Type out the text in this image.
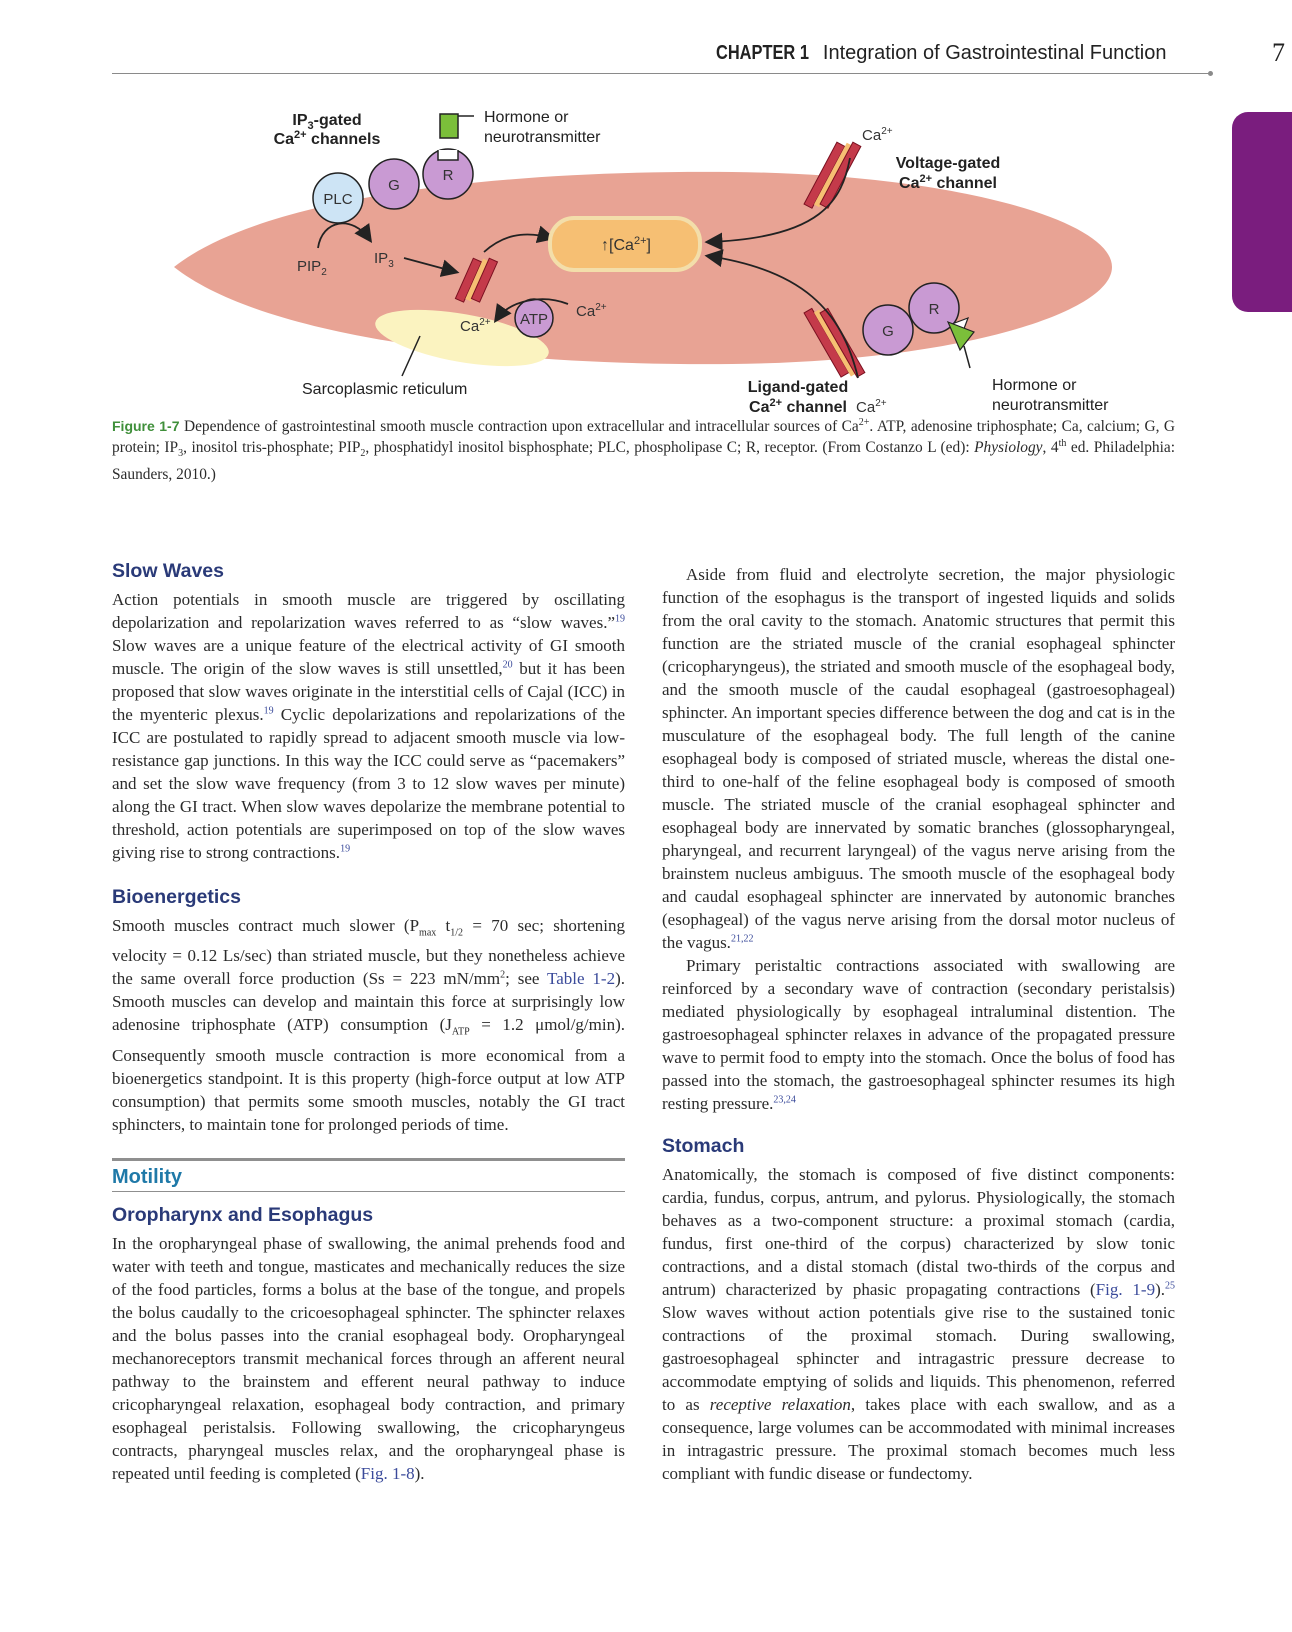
CHAPTER 1 Integration of Gastrointestinal Function	7
$IP_3$-gated
$Ca^{2+}$ channels
Hormone or
neurotransmitter
PLC
G
R
$PIP_2$
$IP_3$
$↑[Ca^{2+}]$
$Ca^{2+}$ ATP $Ca^{2+}$
Sarcoplasmic reticulum
$Ca^{2+}$
Voltage-gated
$Ca^{2+}$ channel
Ligand-gated
$Ca^{2+}$ channel $Ca^{2+}$
G
R
Hormone or
neurotransmitter
Figure 1-7 Dependence of gastrointestinal smooth muscle contraction upon extracellular and intracellular sources of $Ca^{2+}$. ATP, adenosine triphosphate; Ca, calcium; G, G protein; $IP_3$, inositol tris-phosphate; $PIP_2$, phosphatidyl inositol bisphosphate; PLC, phospholipase C; R, receptor. (From Costanzo L (ed): Physiology, 4th ed. Philadelphia: Saunders, 2010.)
Slow Waves

Action potentials in smooth muscle are triggered by oscillating depolarization and repolarization waves referred to as “slow waves.”$^{19}$ Slow waves are a unique feature of the electrical activity of GI smooth muscle. The origin of the slow waves is still unsettled,$^{20}$ but it has been proposed that slow waves originate in the interstitial cells of Cajal (ICC) in the myenteric plexus.$^{19}$ Cyclic depolarizations and repolarizations of the ICC are postulated to rapidly spread to adjacent smooth muscle via low-resistance gap junctions. In this way the ICC could serve as “pacemakers” and set the slow wave frequency (from 3 to 12 slow waves per minute) along the GI tract. When slow waves depolarize the membrane potential to threshold, action potentials are superimposed on top of the slow waves giving rise to strong contractions.$^{19}$

Bioenergetics

Smooth muscles contract much slower ($P_{max}$ $t_{1/2} = 70$ sec; shortening velocity = 0.12 Ls/sec) than striated muscle, but they nonetheless achieve the same overall force production (Ss = 223 $mN/mm^2$; see Table 1-2). Smooth muscles can develop and maintain this force at surprisingly low adenosine triphosphate (ATP) consumption ($J_{ATP} = 1.2$ μmol/g/min). Consequently smooth muscle contraction is more economical from a bioenergetics standpoint. It is this property (high-force output at low ATP consumption) that permits some smooth muscles, notably the GI tract sphincters, to maintain tone for prolonged periods of time.

Motility
Oropharynx and Esophagus

In the oropharyngeal phase of swallowing, the animal prehends food and water with teeth and tongue, masticates and mechanically reduces the size of the food particles, forms a bolus at the base of the tongue, and propels the bolus caudally to the cricoesophageal sphincter. The sphincter relaxes and the bolus passes into the cranial esophageal body. Oropharyngeal mechanoreceptors transmit mechanical forces through an afferent neural pathway to the brainstem and efferent neural pathway to induce cricopharyngeal relaxation, esophageal body contraction, and primary esophageal peristalsis. Following swallowing, the cricopharyngeus contracts, pharyngeal muscles relax, and the oropharyngeal phase is repeated until feeding is completed (Fig. 1-8).

Aside from fluid and electrolyte secretion, the major physiologic function of the esophagus is the transport of ingested liquids and solids from the oral cavity to the stomach. Anatomic structures that permit this function are the striated muscle of the cranial esophageal sphincter (cricopharyngeus), the striated and smooth muscle of the esophageal body, and the smooth muscle of the caudal esophageal (gastroesophageal) sphincter. An important species difference between the dog and cat is in the musculature of the esophageal body. The full length of the canine esophageal body is composed of striated muscle, whereas the distal one-third to one-half of the feline esophageal body is composed of smooth muscle. The striated muscle of the cranial esophageal sphincter and esophageal body are innervated by somatic branches (glossopharyngeal, pharyngeal, and recurrent laryngeal) of the vagus nerve arising from the brainstem nucleus ambiguus. The smooth muscle of the esophageal body and caudal esophageal sphincter are innervated by autonomic branches (esophageal) of the vagus nerve arising from the dorsal motor nucleus of the vagus.$^{21,22}$

Primary peristaltic contractions associated with swallowing are reinforced by a secondary wave of contraction (secondary peristalsis) mediated physiologically by esophageal intraluminal distention. The gastroesophageal sphincter relaxes in advance of the propagated pressure wave to permit food to empty into the stomach. Once the bolus of food has passed into the stomach, the gastroesophageal sphincter resumes its high resting pressure.$^{23,24}$

Stomach

Anatomically, the stomach is composed of five distinct components: cardia, fundus, corpus, antrum, and pylorus. Physiologically, the stomach behaves as a two-component structure: a proximal stomach (cardia, fundus, first one-third of the corpus) characterized by slow tonic contractions, and a distal stomach (distal two-thirds of the corpus and antrum) characterized by phasic propagating contractions (Fig. 1-9).$^{25}$ Slow waves without action potentials give rise to the sustained tonic contractions of the proximal stomach. During swallowing, gastroesophageal sphincter and intragastric pressure decrease to accommodate emptying of solids and liquids. This phenomenon, referred to as receptive relaxation, takes place with each swallow, and as a consequence, large volumes can be accommodated with minimal increases in intragastric pressure. The proximal stomach becomes much less compliant with fundic disease or fundectomy.
